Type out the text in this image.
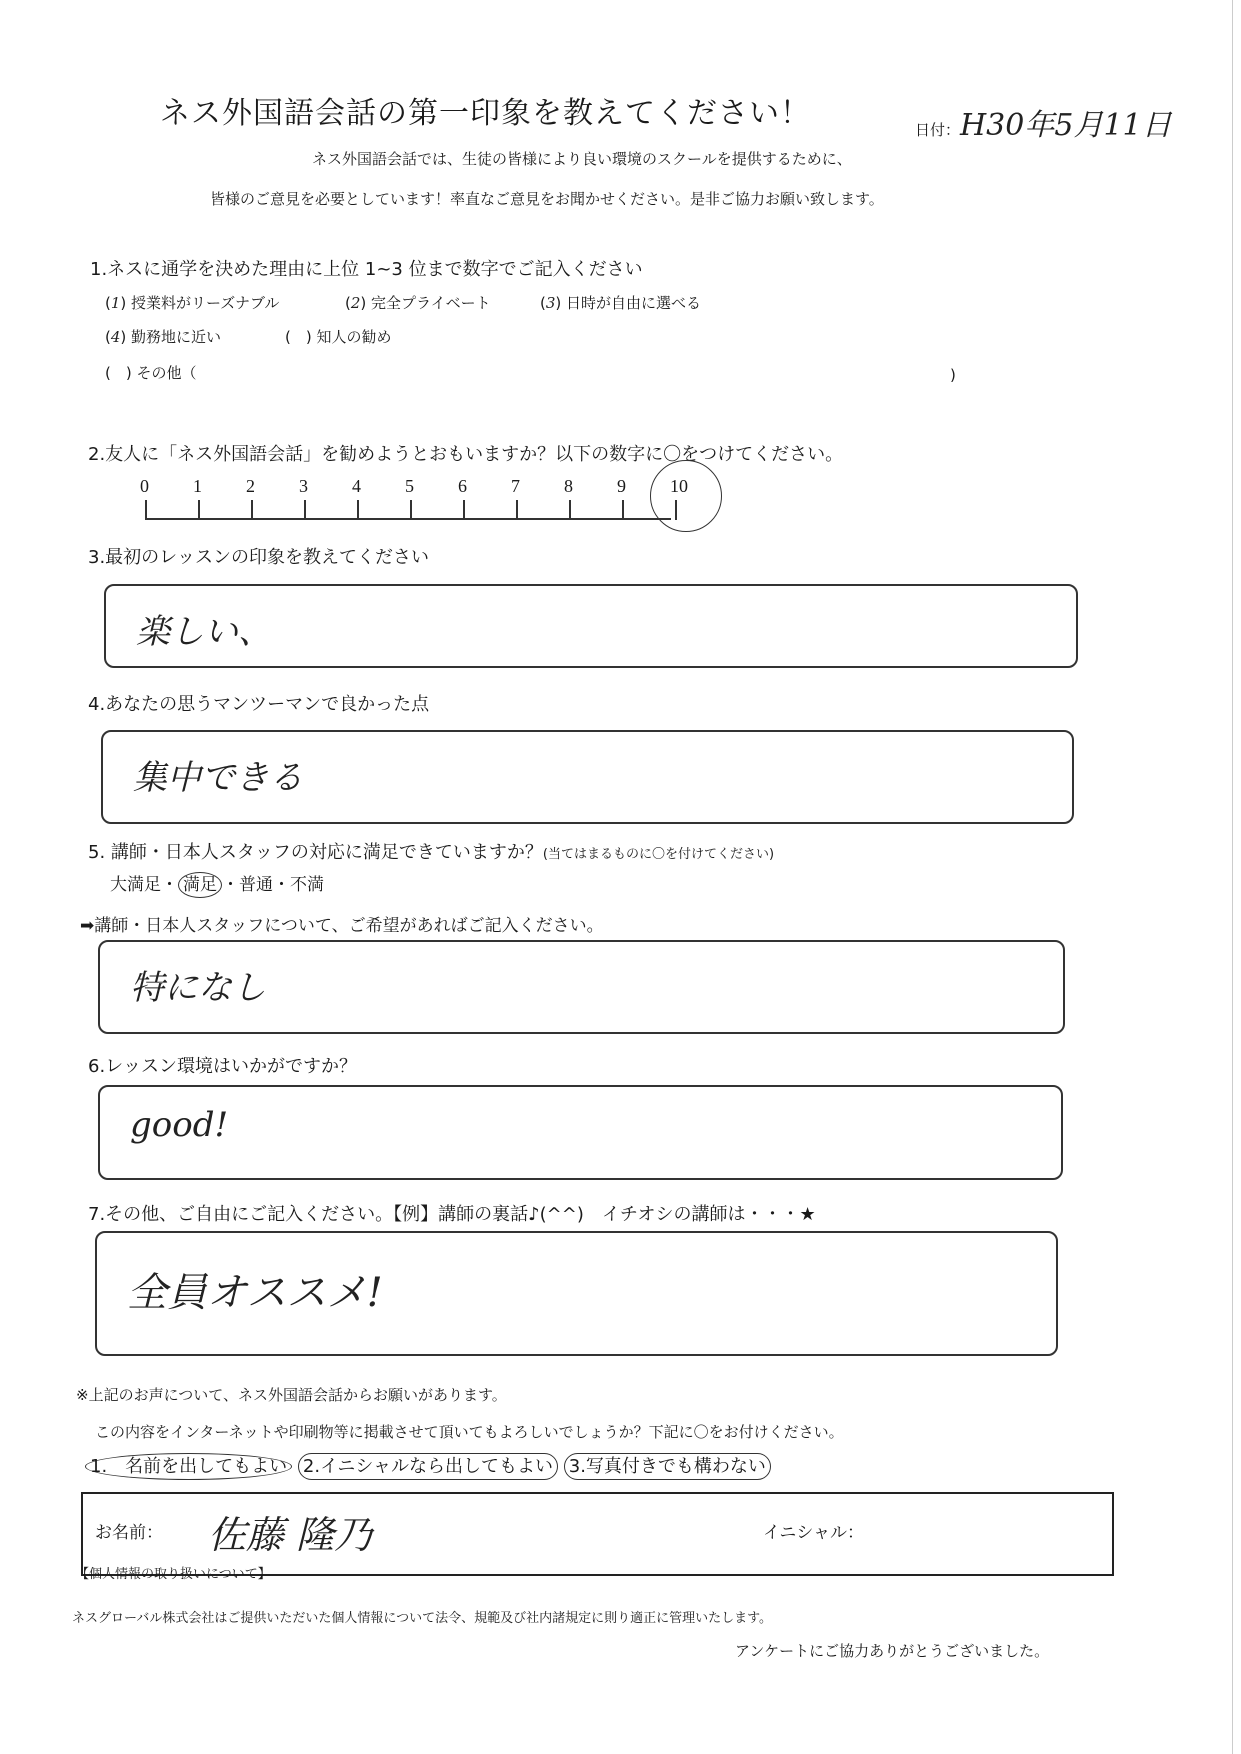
ネス外国語会話の第一印象を教えてください！	日付：H30年5月11日
ネス外国語会話では、生徒の皆様により良い環境のスクールを提供するために、
皆様のご意見を必要としています！率直なご意見をお聞かせください。是非ご協力お願い致します。
1.ネスに通学を決めた理由に上位 1~3 位まで数字でご記入ください
(1) 授業料がリーズナブル	(2) 完全プライベート	(3) 日時が自由に選べる
(4) 勤務地に近い	(　) 知人の勧め
(　) その他（	)
2.友人に「ネス外国語会話」を勧めようとおもいますか？以下の数字に〇をつけてください。
0 1 2 3 4 5 6 7 8 9 10
3.最初のレッスンの印象を教えてください
楽しい、
4.あなたの思うマンツーマンで良かった点
集中できる
5. 講師・日本人スタッフの対応に満足できていますか？(当てはまるものに〇を付けてください)
大満足・ 満足 ・普通・不満
➡講師・日本人スタッフについて、ご希望があればご記入ください。
特になし
6.レッスン環境はいかがですか？
good!
7.その他、ご自由にご記入ください。【例】講師の裏話♪(^^)　イチオシの講師は・・・★
全員オススメ!
※上記のお声について、ネス外国語会話からお願いがあります。
この内容をインターネットや印刷物等に掲載させて頂いてもよろしいでしょうか？下記に〇をお付けください。
1.　名前を出してもよい 2.イニシャルなら出してもよい 3.写真付きでも構わない
お名前： 佐藤 隆乃	イニシャル：
【個人情報の取り扱いについて】
ネスグローバル株式会社はご提供いただいた個人情報について法令、規範及び社内諸規定に則り適正に管理いたします。
アンケートにご協力ありがとうございました。
